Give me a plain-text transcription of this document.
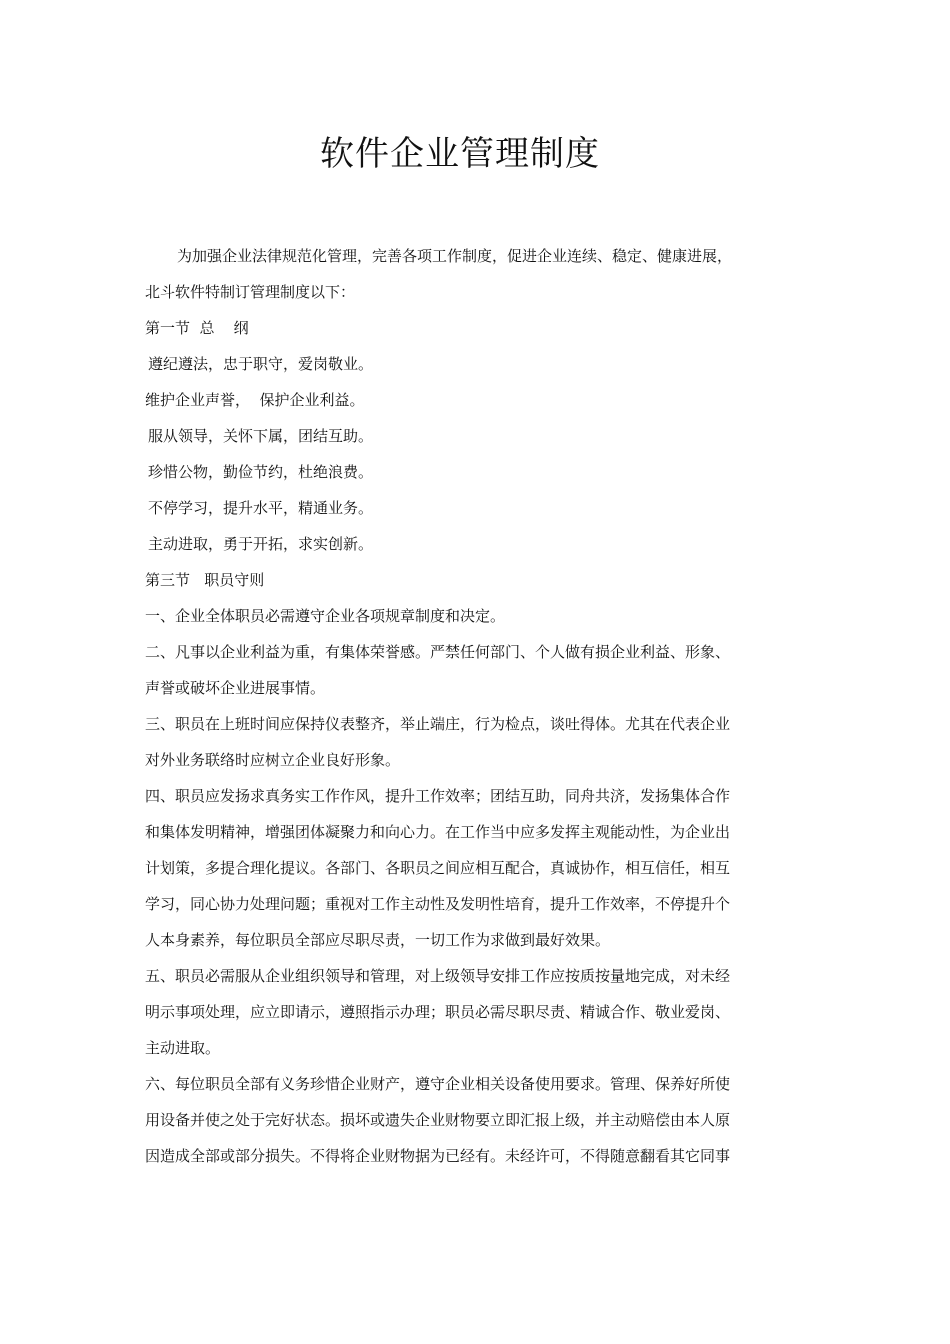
软件企业管理制度
为加强企业法律规范化管理，完善各项工作制度，促进企业连续、稳定、健康进展，
北斗软件特制订管理制度以下：
第一节  总    纲
遵纪遵法，忠于职守，爱岗敬业。
维护企业声誉，  保护企业利益。
服从领导，关怀下属，团结互助。
珍惜公物，勤俭节约，杜绝浪费。
不停学习，提升水平，精通业务。
主动进取，勇于开拓，求实创新。
第三节   职员守则
一、企业全体职员必需遵守企业各项规章制度和决定。
二、凡事以企业利益为重，有集体荣誉感。严禁任何部门、个人做有损企业利益、形象、
声誉或破坏企业进展事情。
三、职员在上班时间应保持仪表整齐，举止端庄，行为检点，谈吐得体。尤其在代表企业
对外业务联络时应树立企业良好形象。
四、职员应发扬求真务实工作作风，提升工作效率；团结互助，同舟共济，发扬集体合作
和集体发明精神，增强团体凝聚力和向心力。在工作当中应多发挥主观能动性，为企业出
计划策，多提合理化提议。各部门、各职员之间应相互配合，真诚协作，相互信任，相互
学习，同心协力处理问题；重视对工作主动性及发明性培育，提升工作效率，不停提升个
人本身素养，每位职员全部应尽职尽责，一切工作为求做到最好效果。
五、职员必需服从企业组织领导和管理，对上级领导安排工作应按质按量地完成，对未经
明示事项处理，应立即请示，遵照指示办理；职员必需尽职尽责、精诚合作、敬业爱岗、
主动进取。
六、每位职员全部有义务珍惜企业财产，遵守企业相关设备使用要求。管理、保养好所使
用设备并使之处于完好状态。损坏或遗失企业财物要立即汇报上级，并主动赔偿由本人原
因造成全部或部分损失。不得将企业财物据为已经有。未经许可，不得随意翻看其它同事
